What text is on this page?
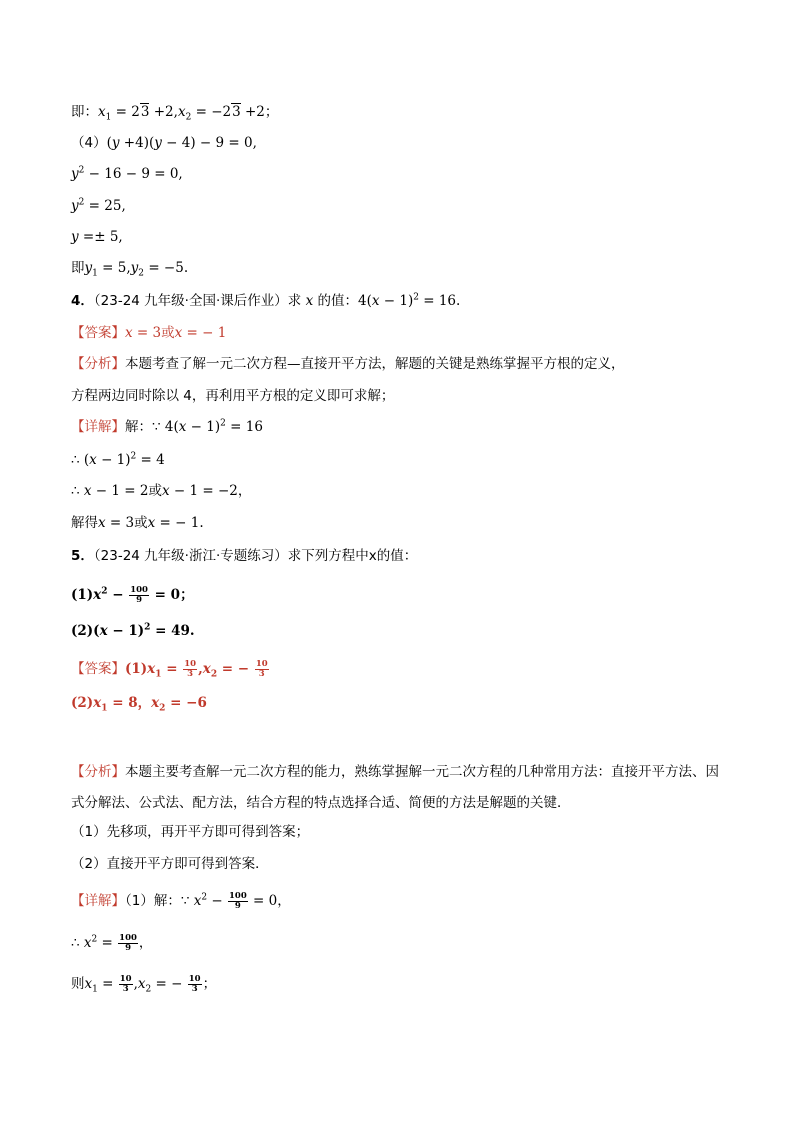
即：$x_1 = 23 +2,x_2 = -23 +2$；
（4）(y +4)(y − 4) − 9 = 0,
$y^2 - 16 - 9 = 0$,
$y^2 = 25$,
y =± 5,
即$y_1 = 5,y_2 = -5$.
4．（23-24 九年级·全国·课后作业）求 x 的值：$4(x - 1)^2 = 16$.
【答案】x = 3或x = − 1
【分析】本题考查了解一元二次方程—直接开平方法，解题的关键是熟练掌握平方根的定义，
方程两边同时除以 4，再利用平方根的定义即可求解；
【详解】解：∵ $4(x - 1)^2 = 16$
∴ $(x - 1)^2 = 4$
∴ x − 1 = 2或x − 1 = −2，
解得x = 3或x = − 1.
5．（23-24 九年级·浙江·专题练习）求下列方程中x的值：
$(1)x^2 - \frac{100}{9} = 0$；
$(2)(x - 1)^2 = 49$.
【答案】$(1)x_1 = \frac{10}{3} ,x_2$ = − $\frac{10}{3}$
$(2)x_1 = 8$，$x_2 = -6$
【分析】本题主要考查解一元二次方程的能力，熟练掌握解一元二次方程的几种常用方法：直接开平方法、因式分解法、公式法、配方法，结合方程的特点选择合适、简便的方法是解题的关键．
（1）先移项，再开平方即可得到答案；
（2）直接开平方即可得到答案．
【详解】（1）解：∵ $x^2 - \frac{100}{9} = 0$，
∴ $x^2 = \frac{100}{9}$ ，
则$x_1 = \frac{10}{3} ,x_2$ = − $\frac{10}{3}$ ；
